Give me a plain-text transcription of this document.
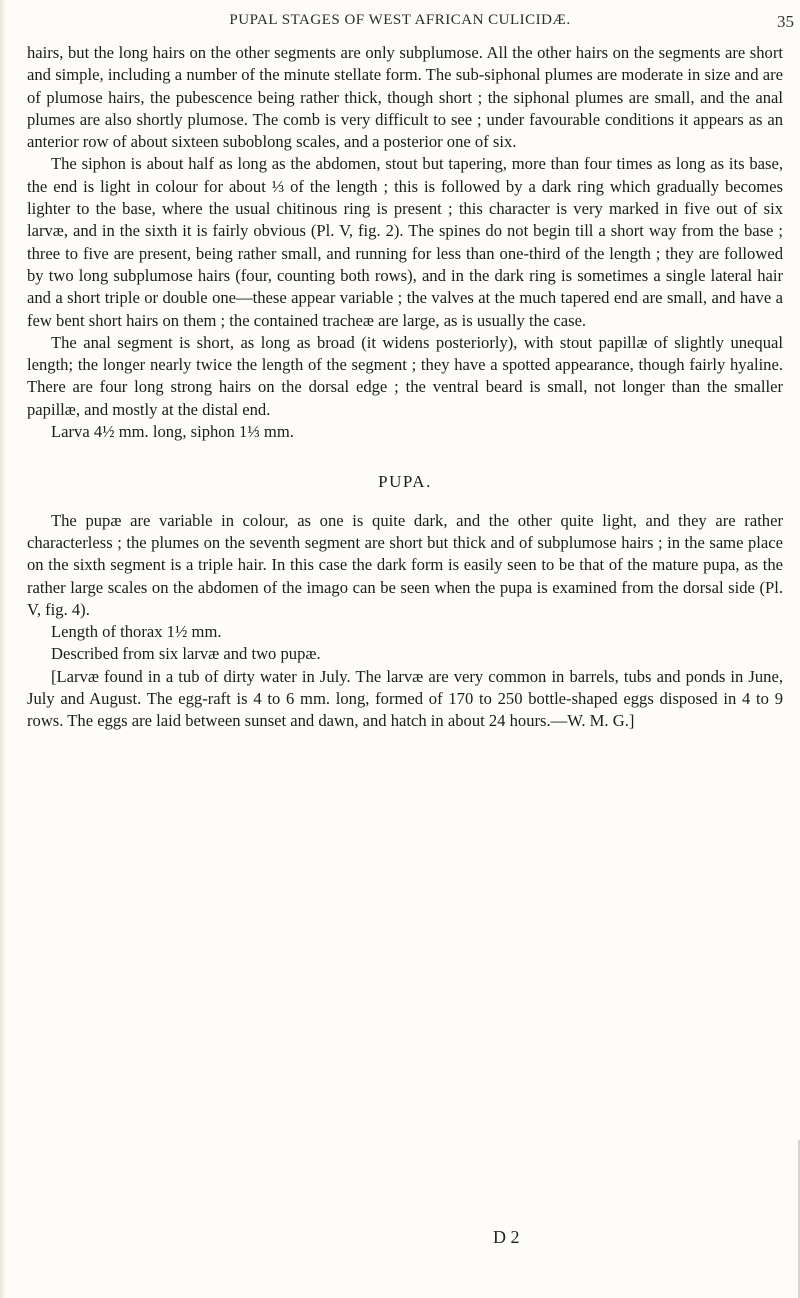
PUPAL STAGES OF WEST AFRICAN CULICIDÆ.	35

hairs, but the long hairs on the other segments are only subplumose. All the other hairs on the segments are short and simple, including a number of the minute stellate form. The sub-siphonal plumes are moderate in size and are of plumose hairs, the pubescence being rather thick, though short ; the siphonal plumes are small, and the anal plumes are also shortly plumose. The comb is very difficult to see ; under favourable conditions it appears as an anterior row of about sixteen suboblong scales, and a posterior one of six.

The siphon is about half as long as the abdomen, stout but tapering, more than four times as long as its base, the end is light in colour for about ⅓ of the length ; this is followed by a dark ring which gradually becomes lighter to the base, where the usual chitinous ring is present ; this character is very marked in five out of six larvæ, and in the sixth it is fairly obvious (Pl. V, fig. 2). The spines do not begin till a short way from the base ; three to five are present, being rather small, and running for less than one-third of the length ; they are followed by two long subplumose hairs (four, counting both rows), and in the dark ring is sometimes a single lateral hair and a short triple or double one—these appear variable ; the valves at the much tapered end are small, and have a few bent short hairs on them ; the contained tracheæ are large, as is usually the case.

The anal segment is short, as long as broad (it widens posteriorly), with stout papillæ of slightly unequal length; the longer nearly twice the length of the segment ; they have a spotted appearance, though fairly hyaline. There are four long strong hairs on the dorsal edge ; the ventral beard is small, not longer than the smaller papillæ, and mostly at the distal end.

Larva 4½ mm. long, siphon 1⅓ mm.

PUPA.

The pupæ are variable in colour, as one is quite dark, and the other quite light, and they are rather characterless ; the plumes on the seventh segment are short but thick and of subplumose hairs ; in the same place on the sixth segment is a triple hair. In this case the dark form is easily seen to be that of the mature pupa, as the rather large scales on the abdomen of the imago can be seen when the pupa is examined from the dorsal side (Pl. V, fig. 4).

Length of thorax 1½ mm.

Described from six larvæ and two pupæ.

[Larvæ found in a tub of dirty water in July. The larvæ are very common in barrels, tubs and ponds in June, July and August. The egg-raft is 4 to 6 mm. long, formed of 170 to 250 bottle-shaped eggs disposed in 4 to 9 rows. The eggs are laid between sunset and dawn, and hatch in about 24 hours.—W. M. G.]

D 2
